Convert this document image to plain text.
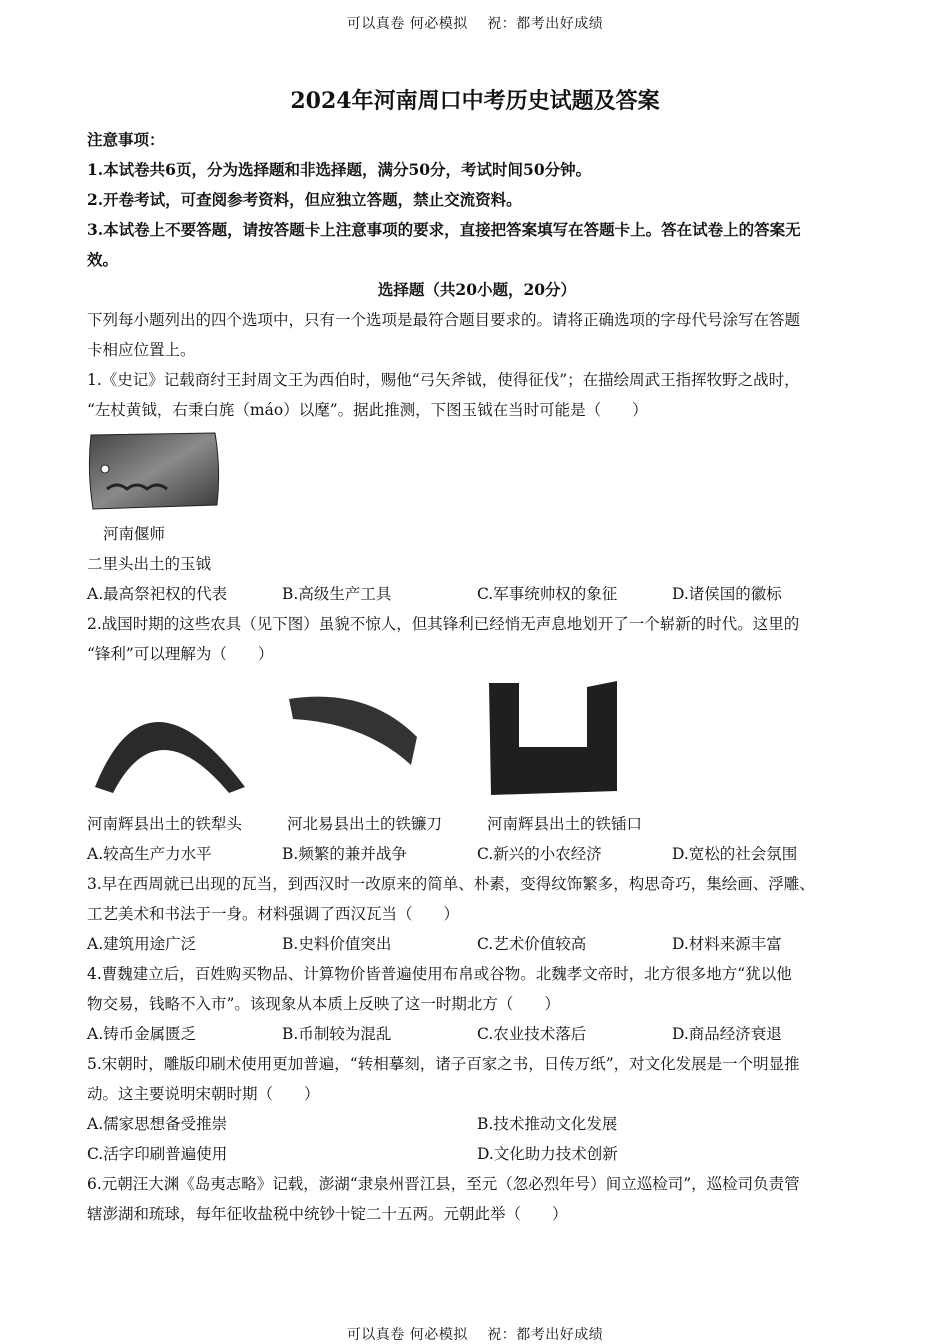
可以真卷 何必模拟　 祝：都考出好成绩
2024年河南周口中考历史试题及答案
注意事项：
1.本试卷共6页，分为选择题和非选择题，满分50分，考试时间50分钟。
2.开卷考试，可查阅参考资料，但应独立答题，禁止交流资料。
3.本试卷上不要答题，请按答题卡上注意事项的要求，直接把答案填写在答题卡上。答在试卷上的答案无
效。
选择题（共20小题，20分）
下列每小题列出的四个选项中，只有一个选项是最符合题目要求的。请将正确选项的字母代号涂写在答题
卡相应位置上。
1.《史记》记载商纣王封周文王为西伯时，赐他“弓矢斧钺，使得征伐”；在描绘周武王指挥牧野之战时，
“左杖黄钺，右秉白旄（máo）以麾”。据此推测，下图玉钺在当时可能是（　　）
河南偃师
二里头出土的玉钺
A.最高祭祀权的代表	B.高级生产工具	C.军事统帅权的象征	D.诸侯国的徽标
2.战国时期的这些农具（见下图）虽貌不惊人，但其锋利已经悄无声息地划开了一个崭新的时代。这里的
“锋利”可以理解为（　　）
河南辉县出土的铁犁头	河北易县出土的铁镰刀	河南辉县出土的铁锸口
A.较高生产力水平	B.频繁的兼并战争	C.新兴的小农经济	D.宽松的社会氛围
3.早在西周就已出现的瓦当，到西汉时一改原来的简单、朴素，变得纹饰繁多，构思奇巧，集绘画、浮雕、
工艺美术和书法于一身。材料强调了西汉瓦当（　　）
A.建筑用途广泛	B.史料价值突出	C.艺术价值较高	D.材料来源丰富
4.曹魏建立后，百姓购买物品、计算物价皆普遍使用布帛或谷物。北魏孝文帝时，北方很多地方“犹以他
物交易，钱略不入市”。该现象从本质上反映了这一时期北方（　　）
A.铸币金属匮乏	B.币制较为混乱	C.农业技术落后	D.商品经济衰退
5.宋朝时，雕版印刷术使用更加普遍，“转相摹刻，诸子百家之书，日传万纸”，对文化发展是一个明显推
动。这主要说明宋朝时期（　　）
A.儒家思想备受推崇	B.技术推动文化发展
C.活字印刷普遍使用	D.文化助力技术创新
6.元朝汪大渊《岛夷志略》记载，澎湖“隶泉州晋江县，至元（忽必烈年号）间立巡检司”，巡检司负责管
辖澎湖和琉球，每年征收盐税中统钞十锭二十五两。元朝此举（　　）
可以真卷 何必模拟　 祝：都考出好成绩
